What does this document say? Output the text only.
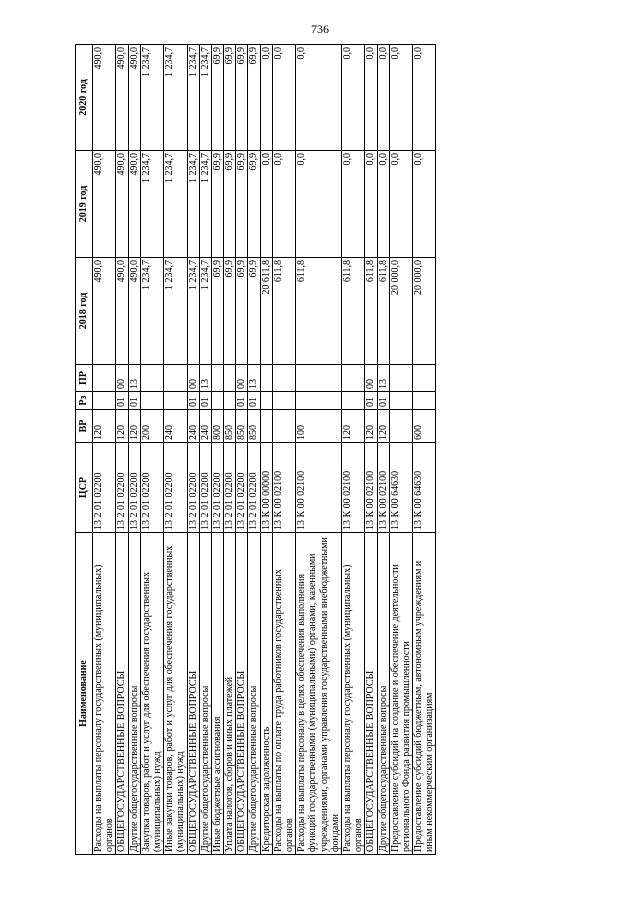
736
Наименование	ЦСР	ВР	Рз	ПР	2018 год	2019 год	2020 год
Расходы на выплаты персоналу государственных (муниципальных) органов	13 2 01 02200	120			490,0	490,0	490,0
ОБЩЕГОСУДАРСТВЕННЫЕ ВОПРОСЫ	13 2 01 02200	120	01	00	490,0	490,0	490,0
Другие общегосударственные вопросы	13 2 01 02200	120	01	13	490,0	490,0	490,0
Закупка товаров, работ и услуг для обеспечения государственных (муниципальных) нужд	13 2 01 02200	200			1 234,7	1 234,7	1 234,7
Иные закупки товаров, работ и услуг для обеспечения государственных (муниципальных) нужд	13 2 01 02200	240			1 234,7	1 234,7	1 234,7
ОБЩЕГОСУДАРСТВЕННЫЕ ВОПРОСЫ	13 2 01 02200	240	01	00	1 234,7	1 234,7	1 234,7
Другие общегосударственные вопросы	13 2 01 02200	240	01	13	1 234,7	1 234,7	1 234,7
Иные бюджетные ассигнования	13 2 01 02200	800			69,9	69,9	69,9
Уплата налогов, сборов и иных платежей	13 2 01 02200	850			69,9	69,9	69,9
ОБЩЕГОСУДАРСТВЕННЫЕ ВОПРОСЫ	13 2 01 02200	850	01	00	69,9	69,9	69,9
Другие общегосударственные вопросы	13 2 01 02200	850	01	13	69,9	69,9	69,9
Кредиторская задолженность	13 К 00 00000				20 611,8	0,0	0,0
Расходы на выплаты по оплате труда работников государственных органов	13 К 00 02100				611,8	0,0	0,0
Расходы на выплаты персоналу в целях обеспечения выполнения функций государственными (муниципальными) органами, казенными учреждениями, органами управления государственными внебюджетными фондами	13 К 00 02100	100			611,8	0,0	0,0
Расходы на выплаты персоналу государственных (муниципальных) органов	13 К 00 02100	120			611,8	0,0	0,0
ОБЩЕГОСУДАРСТВЕННЫЕ ВОПРОСЫ	13 К 00 02100	120	01	00	611,8	0,0	0,0
Другие общегосударственные вопросы	13 К 00 02100	120	01	13	611,8	0,0	0,0
Предоставление субсидий на создание и обеспечение деятельности регионального Фонда развития промышленности	13 К 00 64630				20 000,0	0,0	0,0
Предоставление субсидий бюджетным, автономным учреждениям и иным некоммерческим организациям	13 К 00 64630	600			20 000,0	0,0	0,0
